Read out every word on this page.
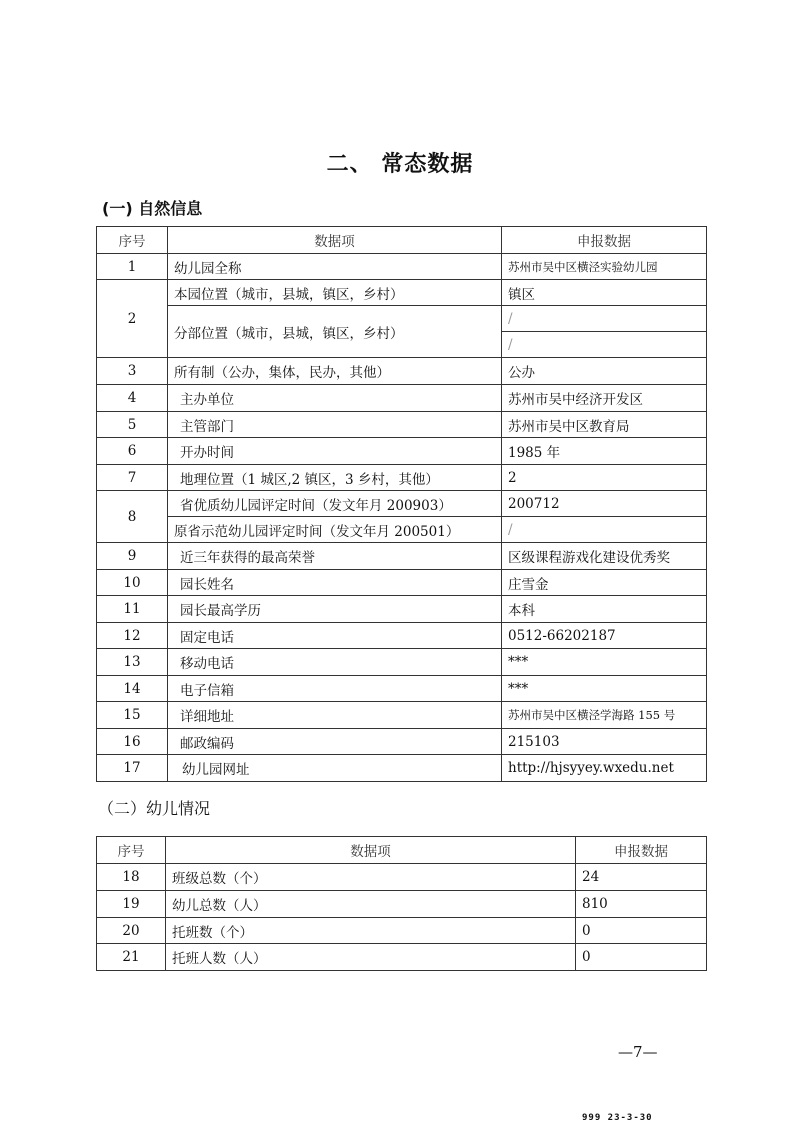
二、 常态数据
(一) 自然信息
序号	数据项	申报数据
1	幼儿园全称	苏州市吴中区横泾实验幼儿园
2	本园位置（城市，县城，镇区，乡村）	镇区
	分部位置（城市，县城，镇区，乡村）	/
		/
3	所有制（公办，集体，民办，其他）	公办
4	主办单位	苏州市吴中经济开发区
5	主管部门	苏州市吴中区教育局
6	开办时间	1985 年
7	地理位置（1 城区,2 镇区，3 乡村，其他）	2
8	省优质幼儿园评定时间（发文年月 200903）	200712
	原省示范幼儿园评定时间（发文年月 200501）	/
9	近三年获得的最高荣誉	区级课程游戏化建设优秀奖
10	园长姓名	庄雪金
11	园长最高学历	本科
12	固定电话	0512-66202187
13	移动电话	***
14	电子信箱	***
15	详细地址	苏州市吴中区横泾学海路 155 号
16	邮政编码	215103
17	幼儿园网址	http://hjsyyey.wxedu.net
（二）幼儿情况
序号	数据项	申报数据
18	班级总数（个）	24
19	幼儿总数（人）	810
20	托班数（个）	0
21	托班人数（人）	0
—7—
999 23-3-30
